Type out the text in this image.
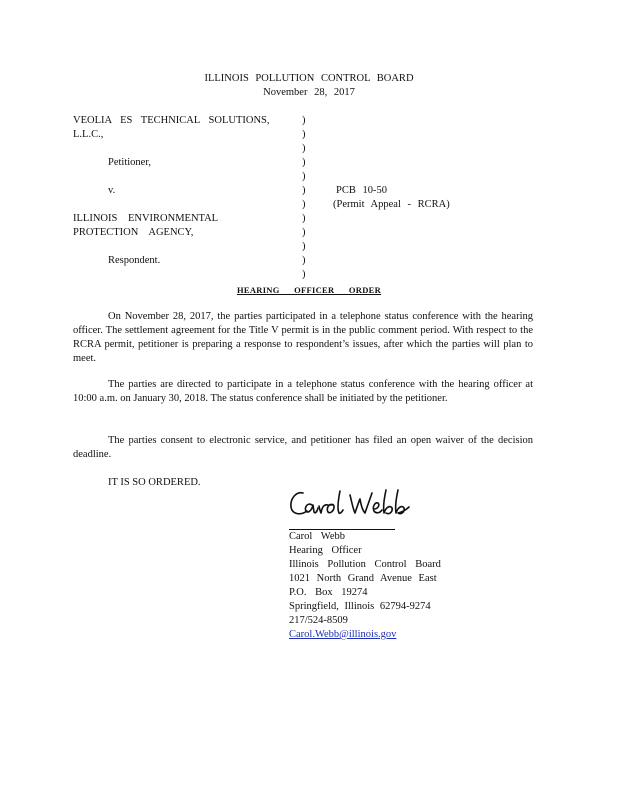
ILLINOIS POLLUTION CONTROL BOARD
November 28, 2017
VEOLIA ES TECHNICAL SOLUTIONS,
L.L.C.,
Petitioner,
v.
ILLINOIS ENVIRONMENTAL
PROTECTION AGENCY,
Respondent.
)
)
)
)
)
)
)
)
)
)
)
)
PCB 10-50
(Permit Appeal - RCRA)
HEARING OFFICER ORDER
On November 28, 2017, the parties participated in a telephone status conference with the hearing officer. The settlement agreement for the Title V permit is in the public comment period. With respect to the RCRA permit, petitioner is preparing a response to respondent’s issues, after which the parties will plan to meet.
The parties are directed to participate in a telephone status conference with the hearing officer at 10:00 a.m. on January 30, 2018. The status conference shall be initiated by the petitioner.
The parties consent to electronic service, and petitioner has filed an open waiver of the decision deadline.
IT IS SO ORDERED.
Carol Webb
Hearing Officer
Illinois Pollution Control Board
1021 North Grand Avenue East
P.O. Box 19274
Springfield, Illinois 62794-9274
217/524-8509
Carol.Webb@illinois.gov
